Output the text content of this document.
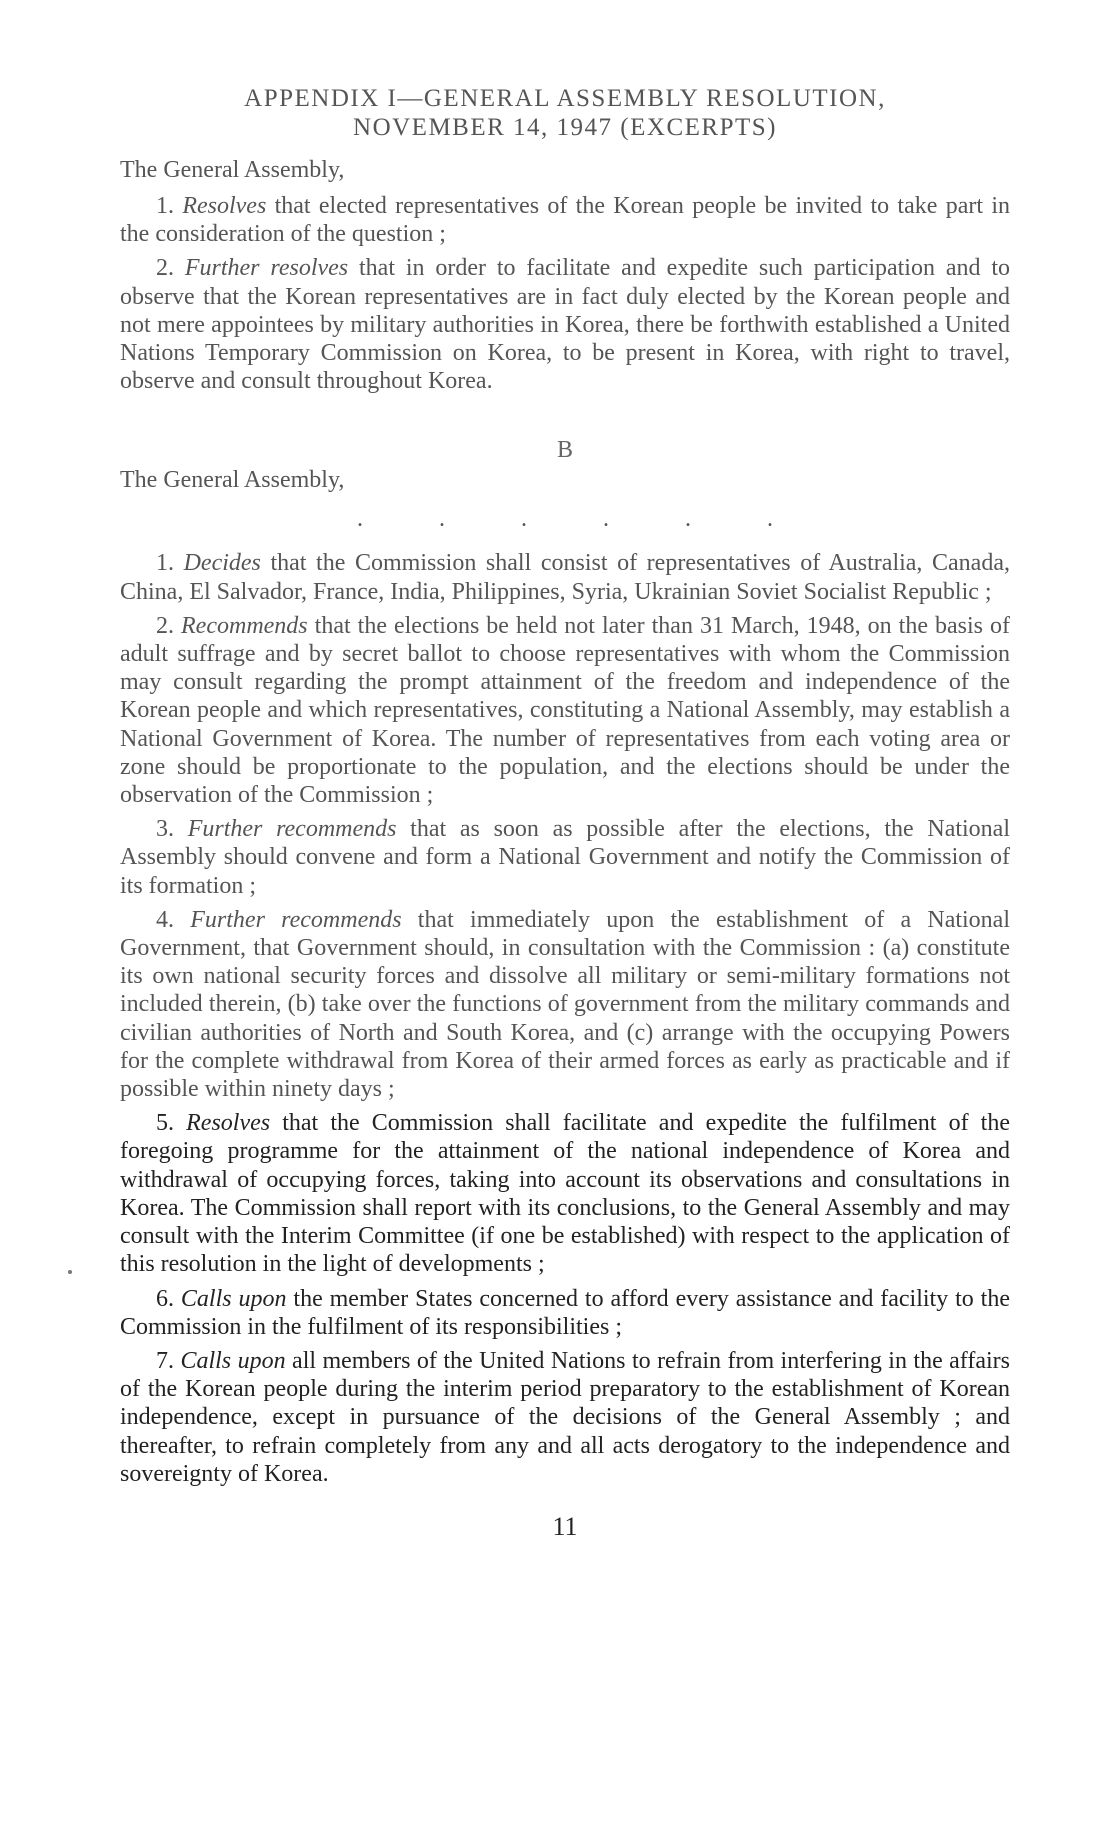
APPENDIX I—GENERAL ASSEMBLY RESOLUTION,
NOVEMBER 14, 1947 (EXCERPTS)
The General Assembly,

1. Resolves that elected representatives of the Korean people be invited to take part in the consideration of the question ;

2. Further resolves that in order to facilitate and expedite such participation and to observe that the Korean representatives are in fact duly elected by the Korean people and not mere appointees by military authorities in Korea, there be forthwith established a United Nations Temporary Commission on Korea, to be present in Korea, with right to travel, observe and consult throughout Korea.

B
The General Assembly,
......

1. Decides that the Commission shall consist of representatives of Australia, Canada, China, El Salvador, France, India, Philippines, Syria, Ukrainian Soviet Socialist Republic ;

2. Recommends that the elections be held not later than 31 March, 1948, on the basis of adult suffrage and by secret ballot to choose representatives with whom the Commission may consult regarding the prompt attainment of the freedom and independence of the Korean people and which representatives, constituting a National Assembly, may establish a National Government of Korea. The number of representatives from each voting area or zone should be proportionate to the population, and the elections should be under the observation of the Commission ;

3. Further recommends that as soon as possible after the elections, the National Assembly should convene and form a National Government and notify the Commission of its formation ;

4. Further recommends that immediately upon the establishment of a National Government, that Government should, in consultation with the Commission : (a) constitute its own national security forces and dissolve all military or semi-military formations not included therein, (b) take over the functions of government from the military commands and civilian authorities of North and South Korea, and (c) arrange with the occupying Powers for the complete withdrawal from Korea of their armed forces as early as practicable and if possible within ninety days ;

5. Resolves that the Commission shall facilitate and expedite the fulfilment of the foregoing programme for the attainment of the national independence of Korea and withdrawal of occupying forces, taking into account its observations and consultations in Korea. The Commission shall report with its conclusions, to the General Assembly and may consult with the Interim Committee (if one be established) with respect to the application of this resolution in the light of developments ;

6. Calls upon the member States concerned to afford every assistance and facility to the Commission in the fulfilment of its responsibilities ;

7. Calls upon all members of the United Nations to refrain from interfering in the affairs of the Korean people during the interim period preparatory to the establishment of Korean independence, except in pursuance of the decisions of the General Assembly ; and thereafter, to refrain completely from any and all acts derogatory to the independence and sovereignty of Korea.

11
